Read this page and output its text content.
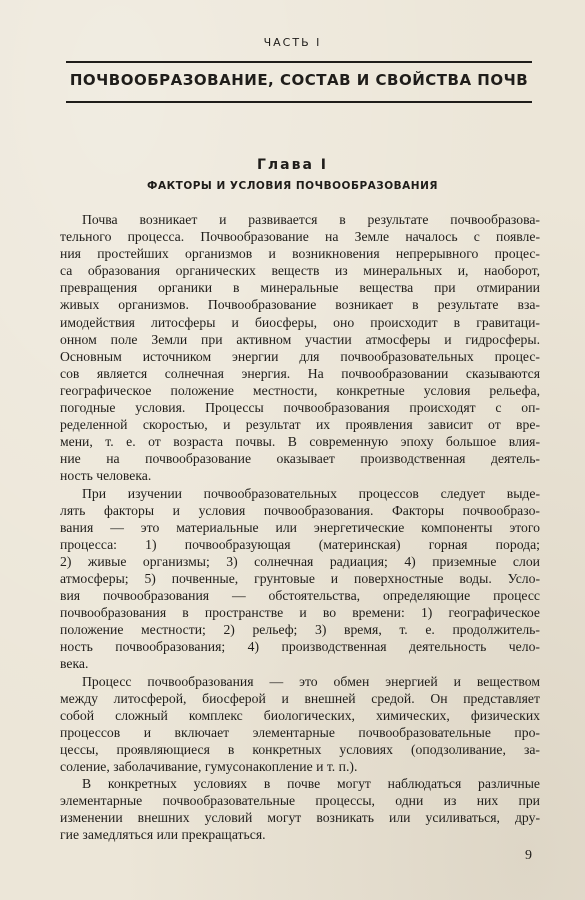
ЧАСТЬ I
ПОЧВООБРАЗОВАНИЕ, СОСТАВ И СВОЙСТВА ПОЧВ
Глава I
ФАКТОРЫ И УСЛОВИЯ ПОЧВООБРАЗОВАНИЯ
Почва возникает и развивается в результате почвообразова-
тельного процесса. Почвообразование на Земле началось с появле-
ния простейших организмов и возникновения непрерывного процес-
са образования органических веществ из минеральных и, наоборот,
превращения органики в минеральные вещества при отмирании
живых организмов. Почвообразование возникает в результате вза-
имодействия литосферы и биосферы, оно происходит в гравитаци-
онном поле Земли при активном участии атмосферы и гидросферы.
Основным источником энергии для почвообразовательных процес-
сов является солнечная энергия. На почвообразовании сказываются
географическое положение местности, конкретные условия рельефа,
погодные условия. Процессы почвообразования происходят с оп-
ределенной скоростью, и результат их проявления зависит от вре-
мени, т. е. от возраста почвы. В современную эпоху большое влия-
ние на почвообразование оказывает производственная деятель-
ность человека.
При изучении почвообразовательных процессов следует выде-
лять факторы и условия почвообразования. Факторы почвообразо-
вания — это материальные или энергетические компоненты этого
процесса: 1) почвообразующая (материнская) горная порода;
2) живые организмы; 3) солнечная радиация; 4) приземные слои
атмосферы; 5) почвенные, грунтовые и поверхностные воды. Усло-
вия почвообразования — обстоятельства, определяющие процесс
почвообразования в пространстве и во времени: 1) географическое
положение местности; 2) рельеф; 3) время, т. е. продолжитель-
ность почвообразования; 4) производственная деятельность чело-
века.
Процесс почвообразования — это обмен энергией и веществом
между литосферой, биосферой и внешней средой. Он представляет
собой сложный комплекс биологических, химических, физических
процессов и включает элементарные почвообразовательные про-
цессы, проявляющиеся в конкретных условиях (оподзоливание, за-
соление, заболачивание, гумусонакопление и т. п.).
В конкретных условиях в почве могут наблюдаться различные
элементарные почвообразовательные процессы, одни из них при
изменении внешних условий могут возникать или усиливаться, дру-
гие замедляться или прекращаться.
9
